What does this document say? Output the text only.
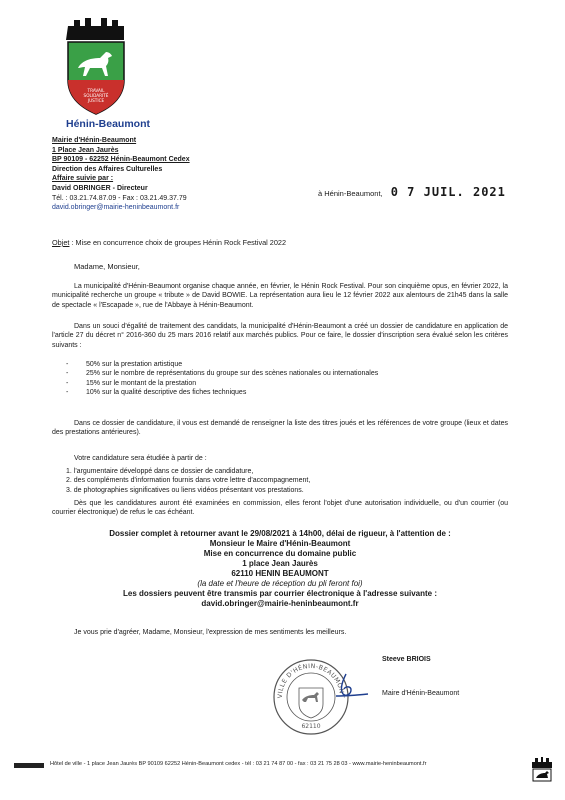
TRAVAIL
SOLIDARITÉ
JUSTICE
Hénin-Beaumont
Mairie d'Hénin-Beaumont
1 Place Jean Jaurès
BP 90109 - 62252 Hénin-Beaumont Cedex
Direction des Affaires Culturelles
Affaire suivie par :
David OBRINGER - Directeur
Tél. : 03.21.74.87.09 - Fax : 03.21.49.37.79
david.obringer@mairie-heninbeaumont.fr
à Hénin-Beaumont, 0 7 JUIL. 2021
Objet : Mise en concurrence choix de groupes Hénin Rock Festival 2022
Madame, Monsieur,
La municipalité d'Hénin-Beaumont organise chaque année, en février, le Hénin Rock Festival. Pour son cinquième opus, en février 2022, la municipalité recherche un groupe « tribute » de David BOWIE. La représentation aura lieu le 12 février 2022 aux alentours de 21h45 dans la salle de spectacle « l'Escapade », rue de l'Abbaye à Hénin-Beaumont.
Dans un souci d'égalité de traitement des candidats, la municipalité d'Hénin-Beaumont a créé un dossier de candidature en application de l'article 27 du décret n° 2016-360 du 25 mars 2016 relatif aux marchés publics. Pour ce faire, le dossier d'inscription sera évalué selon les critères suivants :
- 50% sur la prestation artistique
- 25% sur le nombre de représentations du groupe sur des scènes nationales ou internationales
- 15% sur le montant de la prestation
- 10% sur la qualité descriptive des fiches techniques
Dans ce dossier de candidature, il vous est demandé de renseigner la liste des titres joués et les références de votre groupe (lieux et dates des prestations antérieures).
Votre candidature sera étudiée à partir de :
1. l'argumentaire développé dans ce dossier de candidature,
2. des compléments d'information fournis dans votre lettre d'accompagnement,
3. de photographies significatives ou liens vidéos présentant vos prestations.
Dès que les candidatures auront été examinées en commission, elles feront l'objet d'une autorisation individuelle, ou d'un courrier (ou courrier électronique) de refus le cas échéant.
Dossier complet à retourner avant le 29/08/2021 à 14h00, délai de rigueur, à l'attention de :
Monsieur le Maire d'Hénin-Beaumont
Mise en concurrence du domaine public
1 place Jean Jaurès
62110 HENIN BEAUMONT
(la date et l'heure de réception du pli feront foi)
Les dossiers peuvent être transmis par courrier électronique à l'adresse suivante :
david.obringer@mairie-heninbeaumont.fr
Je vous prie d'agréer, Madame, Monsieur, l'expression de mes sentiments les meilleurs.
VILLE D'HÉNIN-BEAUMONT
62110
Steeve BRIOIS
Maire d'Hénin-Beaumont
Hôtel de ville - 1 place Jean Jaurès BP 90109 62252 Hénin-Beaumont cedex - tél : 03 21 74 87 00 - fax : 03 21 75 28 03 - www.mairie-heninbeaumont.fr
